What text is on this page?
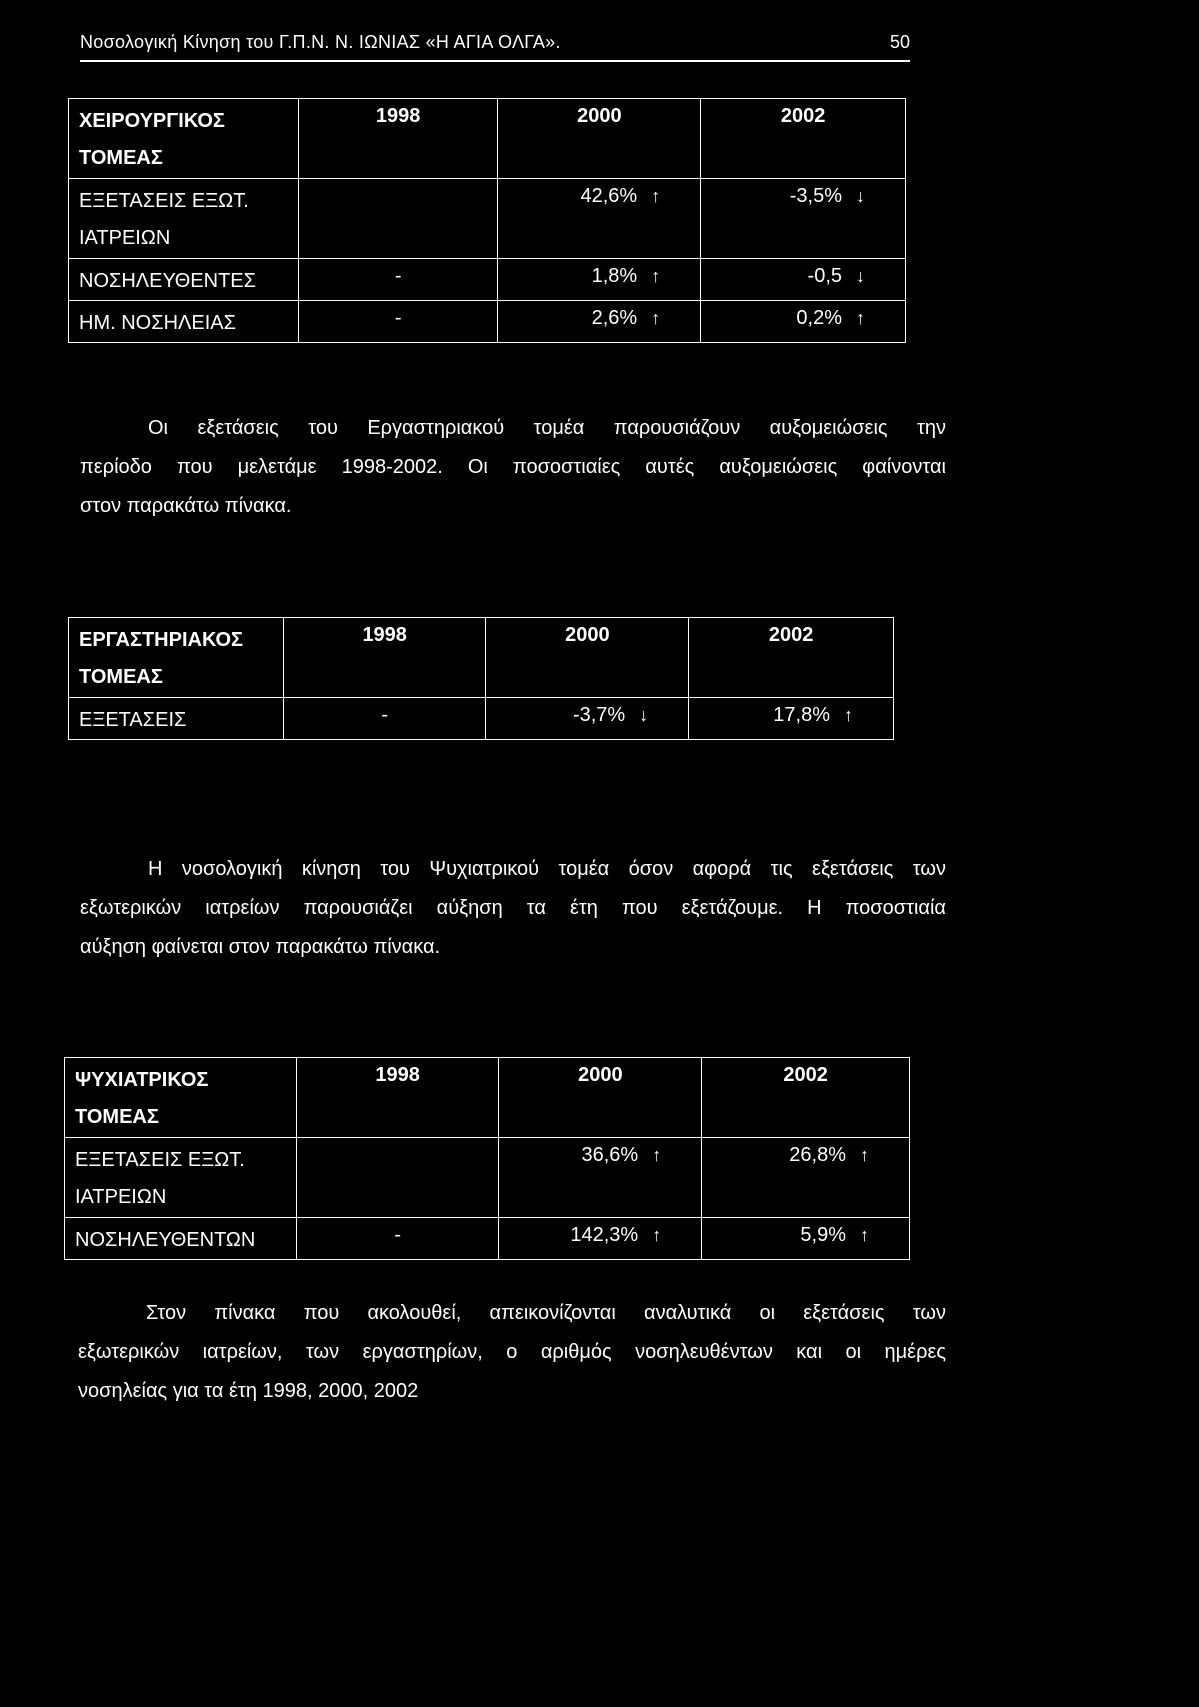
Νοσολογική Κίνηση του Γ.Π.Ν. Ν. ΙΩΝΙΑΣ «Η ΑΓΙΑ ΟΛΓΑ».	50
ΧΕΙΡΟΥΡΓΙΚΟΣ ΤΟΜΕΑΣ	1998	2000	2002
ΕΞΕΤΑΣΕΙΣ ΕΞΩΤ. ΙΑΤΡΕΙΩΝ		42,6% ↑	-3,5% ↓
ΝΟΣΗΛΕΥΘΕΝΤΕΣ	-	1,8% ↑	-0,5 ↓
ΗΜ. ΝΟΣΗΛΕΙΑΣ	-	2,6% ↑	0,2% ↑
Οι εξετάσεις του Εργαστηριακού τομέα παρουσιάζουν αυξομειώσεις την
περίοδο που μελετάμε 1998-2002. Οι ποσοστιαίες αυτές αυξομειώσεις φαίνονται
στον παρακάτω πίνακα.
ΕΡΓΑΣΤΗΡΙΑΚΟΣ ΤΟΜΕΑΣ	1998	2000	2002
ΕΞΕΤΑΣΕΙΣ	-	-3,7% ↓	17,8% ↑
Η νοσολογική κίνηση του Ψυχιατρικού τομέα όσον αφορά τις εξετάσεις των
εξωτερικών ιατρείων παρουσιάζει αύξηση τα έτη που εξετάζουμε. Η ποσοστιαία
αύξηση φαίνεται στον παρακάτω πίνακα.
ΨΥΧΙΑΤΡΙΚΟΣ ΤΟΜΕΑΣ	1998	2000	2002
ΕΞΕΤΑΣΕΙΣ ΕΞΩΤ. ΙΑΤΡΕΙΩΝ		36,6% ↑	26,8% ↑
ΝΟΣΗΛΕΥΘΕΝΤΩΝ	-	142,3% ↑	5,9% ↑
Στον πίνακα που ακολουθεί, απεικονίζονται αναλυτικά οι εξετάσεις των
εξωτερικών ιατρείων, των εργαστηρίων, ο αριθμός νοσηλευθέντων και οι ημέρες
νοσηλείας για τα έτη 1998, 2000, 2002
